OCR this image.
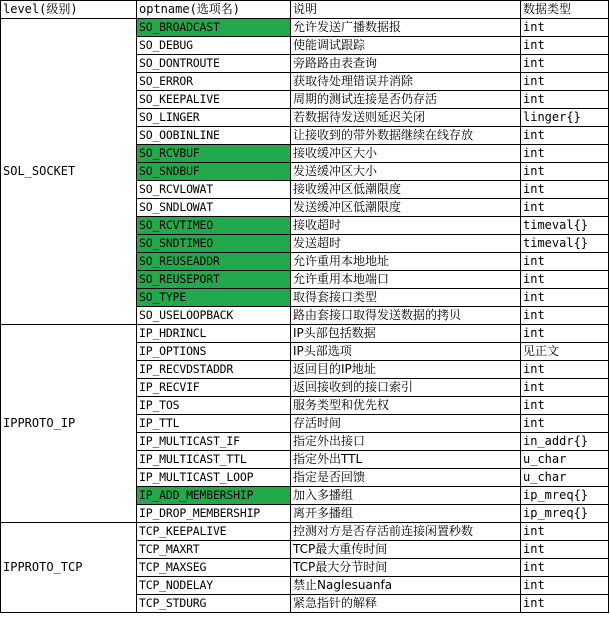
level(级别)	optname(选项名)	说明	数据类型
SOL_SOCKET	SO_BROADCAST	允许发送广播数据报	int
	SO_DEBUG	使能调试跟踪	int
	SO_DONTROUTE	旁路路由表查询	int
	SO_ERROR	获取待处理错误并消除	int
	SO_KEEPALIVE	周期的测试连接是否仍存活	int
	SO_LINGER	若数据待发送则延迟关闭	linger{}
	SO_OOBINLINE	让接收到的带外数据继续在线存放	int
	SO_RCVBUF	接收缓冲区大小	int
	SO_SNDBUF	发送缓冲区大小	int
	SO_RCVLOWAT	接收缓冲区低潮限度	int
	SO_SNDLOWAT	发送缓冲区低潮限度	int
	SO_RCVTIMEO	接收超时	timeval{}
	SO_SNDTIMEO	发送超时	timeval{}
	SO_REUSEADDR	允许重用本地地址	int
	SO_REUSEPORT	允许重用本地端口	int
	SO_TYPE	取得套接口类型	int
	SO_USELOOPBACK	路由套接口取得发送数据的拷贝	int
IPPROTO_IP	IP_HDRINCL	IP头部包括数据	int
	IP_OPTIONS	IP头部选项	见正文
	IP_RECVDSTADDR	返回目的IP地址	int
	IP_RECVIF	返回接收到的接口索引	int
	IP_TOS	服务类型和优先权	int
	IP_TTL	存活时间	int
	IP_MULTICAST_IF	指定外出接口	in_addr{}
	IP_MULTICAST_TTL	指定外出TTL	u_char
	IP_MULTICAST_LOOP	指定是否回馈	u_char
	IP_ADD_MEMBERSHIP	加入多播组	ip_mreq{}
	IP_DROP_MEMBERSHIP	离开多播组	ip_mreq{}
IPPROTO_TCP	TCP_KEEPALIVE	控测对方是否存活前连接闲置秒数	int
	TCP_MAXRT	TCP最大重传时间	int
	TCP_MAXSEG	TCP最大分节时间	int
	TCP_NODELAY	禁止Naglesuanfa	int
	TCP_STDURG	紧急指针的解释	int
